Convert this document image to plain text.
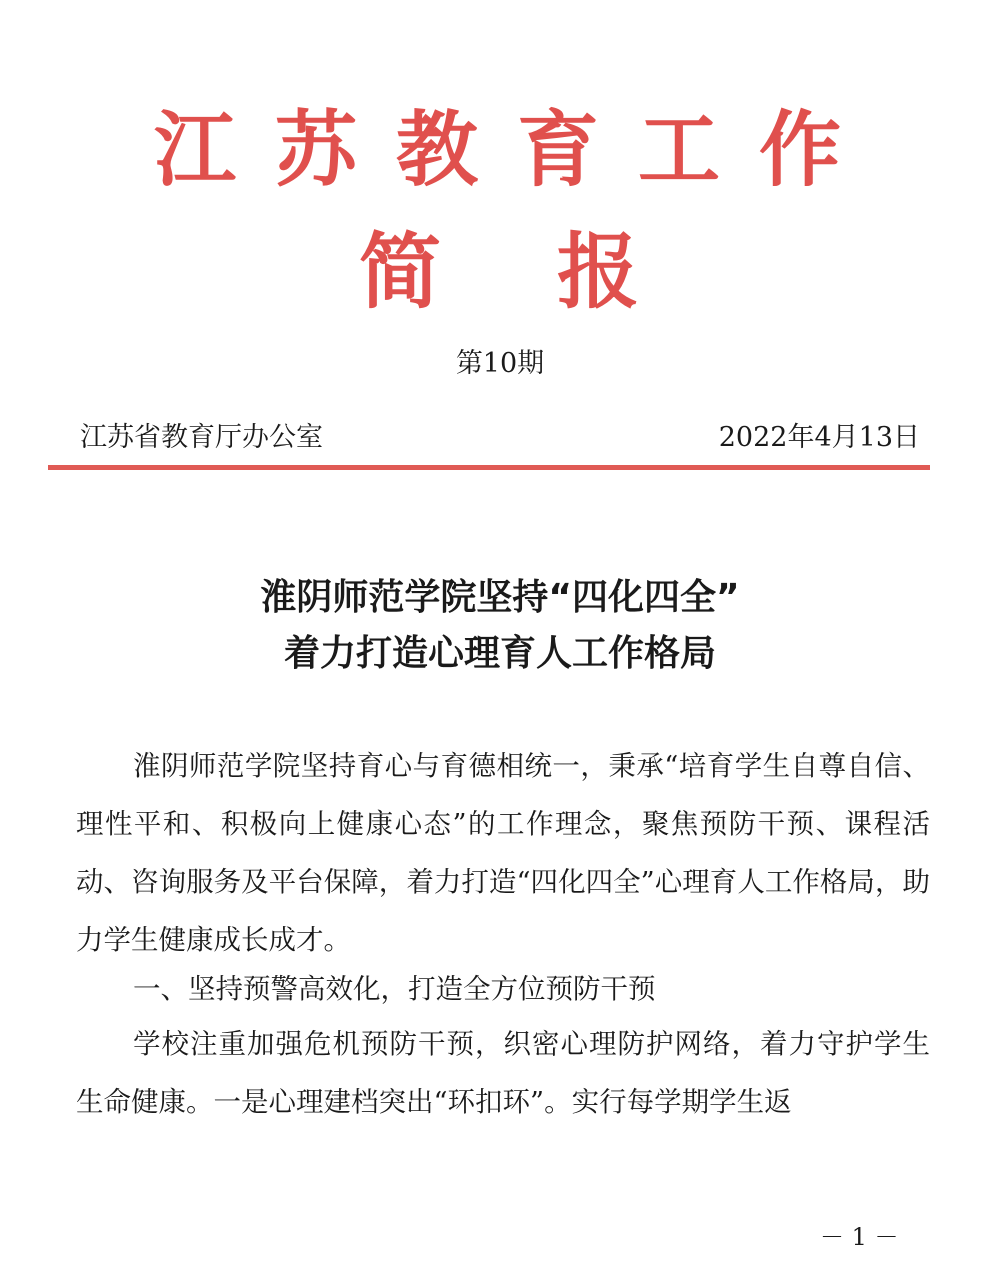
江 苏 教 育 工 作
简 报
第10期
江苏省教育厅办公室	2022年4月13日
淮阴师范学院坚持“四化四全”
着力打造心理育人工作格局
淮阴师范学院坚持育心与育德相统一，秉承“培育学生自尊自信、理性平和、积极向上健康心态”的工作理念，聚焦预防干预、课程活动、咨询服务及平台保障，着力打造“四化四全”心理育人工作格局，助力学生健康成长成才。
一、坚持预警高效化，打造全方位预防干预
学校注重加强危机预防干预，织密心理防护网络，着力守护学生生命健康。一是心理建档突出“环扣环”。实行每学期学生返
－ 1 －
